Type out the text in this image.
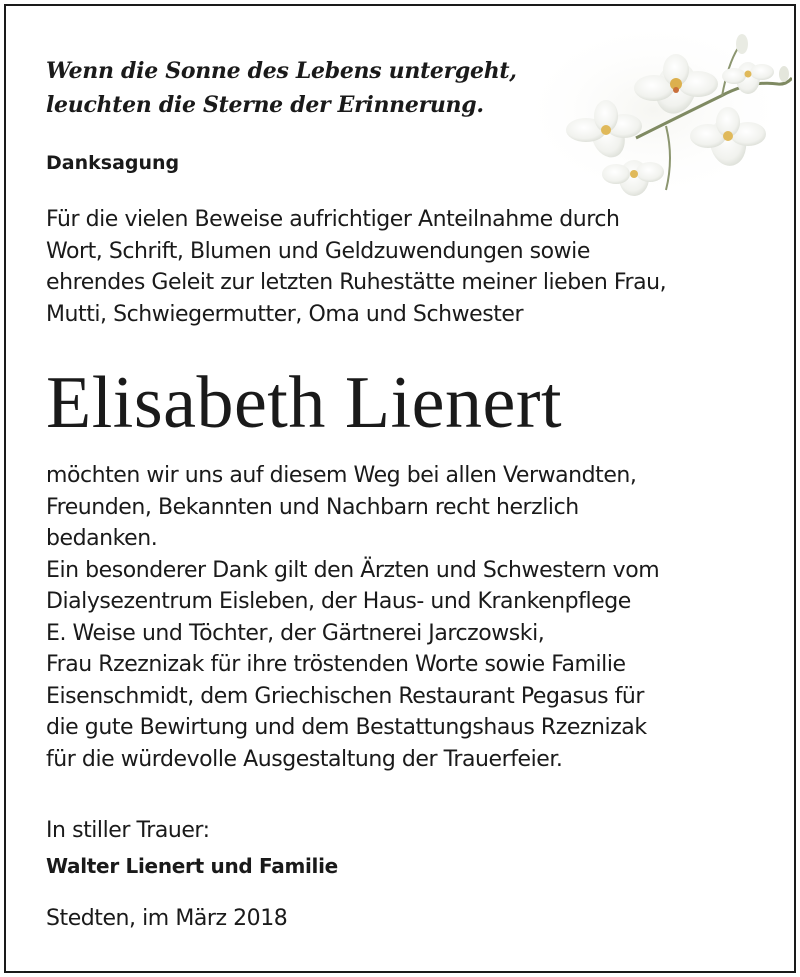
Wenn die Sonne des Lebens untergeht,
leuchten die Sterne der Erinnerung.
Danksagung
Für die vielen Beweise aufrichtiger Anteilnahme durch
Wort, Schrift, Blumen und Geldzuwendungen sowie
ehrendes Geleit zur letzten Ruhestätte meiner lieben Frau,
Mutti, Schwiegermutter, Oma und Schwester
Elisabeth Lienert
möchten wir uns auf diesem Weg bei allen Verwandten,
Freunden, Bekannten und Nachbarn recht herzlich
bedanken.
Ein besonderer Dank gilt den Ärzten und Schwestern vom
Dialysezentrum Eisleben, der Haus- und Krankenpflege
E. Weise und Töchter, der Gärtnerei Jarczowski,
Frau Rzeznizak für ihre tröstenden Worte sowie Familie
Eisenschmidt, dem Griechischen Restaurant Pegasus für
die gute Bewirtung und dem Bestattungshaus Rzeznizak
für die würdevolle Ausgestaltung der Trauerfeier.
In stiller Trauer:
Walter Lienert und Familie
Stedten, im März 2018
